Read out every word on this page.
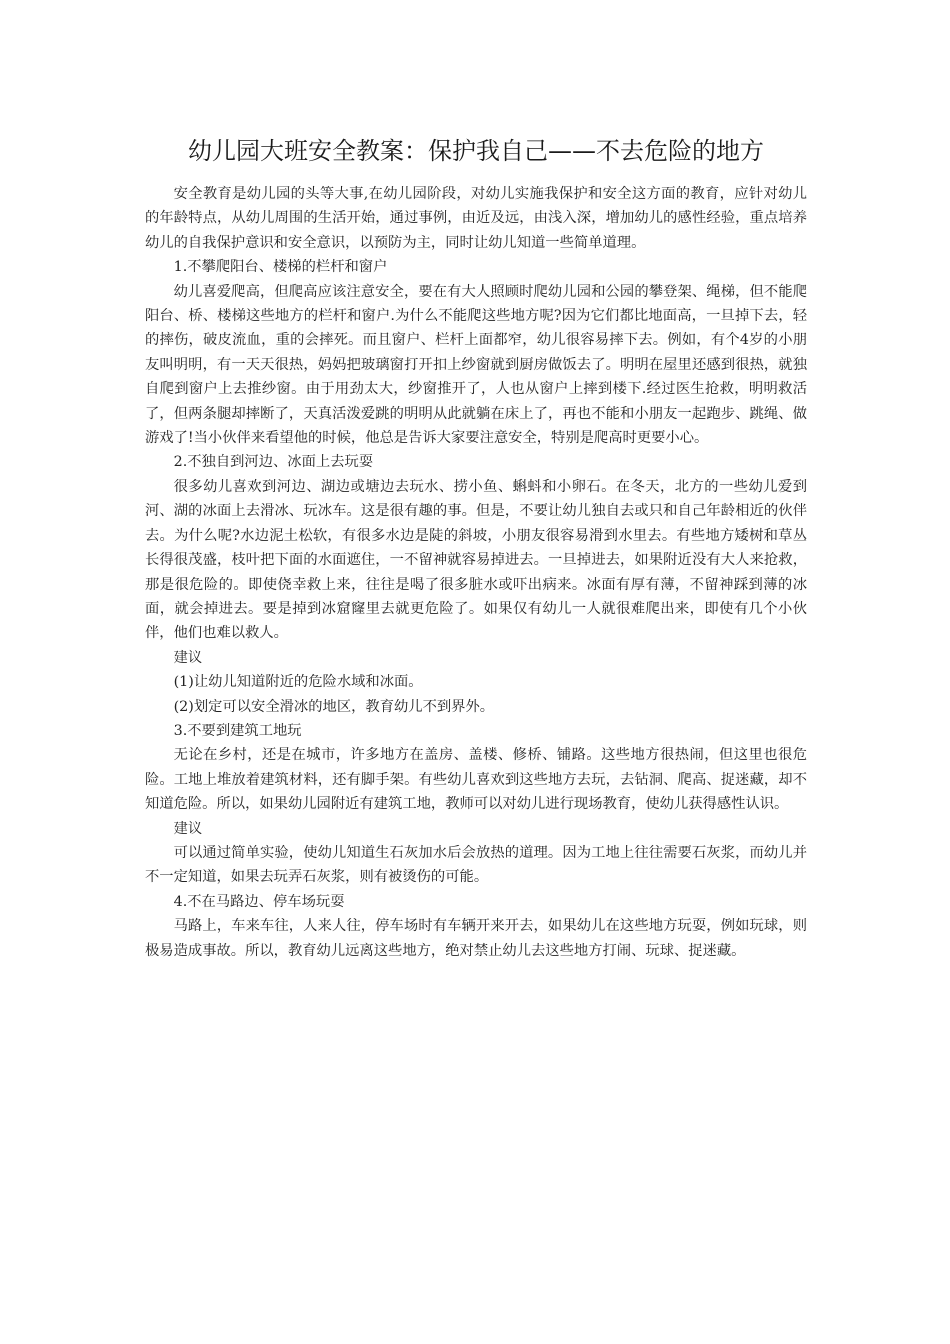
幼儿园大班安全教案：保护我自己——不去危险的地方

安全教育是幼儿园的头等大事,在幼儿园阶段，对幼儿实施我保护和安全这方面的教育，应针对幼儿的年龄特点，从幼儿周围的生活开始，通过事例，由近及远，由浅入深，增加幼儿的感性经验，重点培养幼儿的自我保护意识和安全意识，以预防为主，同时让幼儿知道一些简单道理。

1.不攀爬阳台、楼梯的栏杆和窗户

幼儿喜爱爬高，但爬高应该注意安全，要在有大人照顾时爬幼儿园和公园的攀登架、绳梯，但不能爬阳台、桥、楼梯这些地方的栏杆和窗户.为什么不能爬这些地方呢?因为它们都比地面高，一旦掉下去，轻的摔伤，破皮流血，重的会摔死。而且窗户、栏杆上面都窄，幼儿很容易摔下去。例如，有个4岁的小朋友叫明明，有一天天很热，妈妈把玻璃窗打开扣上纱窗就到厨房做饭去了。明明在屋里还感到很热，就独自爬到窗户上去推纱窗。由于用劲太大，纱窗推开了，人也从窗户上摔到楼下.经过医生抢救，明明救活了，但两条腿却摔断了，天真活泼爱跳的明明从此就躺在床上了，再也不能和小朋友一起跑步、跳绳、做游戏了!当小伙伴来看望他的时候，他总是告诉大家要注意安全，特别是爬高时更要小心。

2.不独自到河边、冰面上去玩耍

很多幼儿喜欢到河边、湖边或塘边去玩水、捞小鱼、蝌蚪和小卵石。在冬天，北方的一些幼儿爱到河、湖的冰面上去滑冰、玩冰车。这是很有趣的事。但是，不要让幼儿独自去或只和自己年龄相近的伙伴去。为什么呢?水边泥土松软，有很多水边是陡的斜坡，小朋友很容易滑到水里去。有些地方矮树和草丛长得很茂盛，枝叶把下面的水面遮住，一不留神就容易掉进去。一旦掉进去，如果附近没有大人来抢救，那是很危险的。即使侥幸救上来，往往是喝了很多脏水或吓出病来。冰面有厚有薄，不留神踩到薄的冰面，就会掉进去。要是掉到冰窟窿里去就更危险了。如果仅有幼儿一人就很难爬出来，即使有几个小伙伴，他们也难以救人。

建议

(1)让幼儿知道附近的危险水域和冰面。

(2)划定可以安全滑冰的地区，教育幼儿不到界外。

3.不要到建筑工地玩

无论在乡村，还是在城市，许多地方在盖房、盖楼、修桥、铺路。这些地方很热闹，但这里也很危险。工地上堆放着建筑材料，还有脚手架。有些幼儿喜欢到这些地方去玩，去钻洞、爬高、捉迷藏，却不知道危险。所以，如果幼儿园附近有建筑工地，教师可以对幼儿进行现场教育，使幼儿获得感性认识。

建议

可以通过简单实验，使幼儿知道生石灰加水后会放热的道理。因为工地上往往需要石灰浆，而幼儿并不一定知道，如果去玩弄石灰浆，则有被烫伤的可能。

4.不在马路边、停车场玩耍

马路上，车来车往，人来人往，停车场时有车辆开来开去，如果幼儿在这些地方玩耍，例如玩球，则极易造成事故。所以，教育幼儿远离这些地方，绝对禁止幼儿去这些地方打闹、玩球、捉迷藏。
